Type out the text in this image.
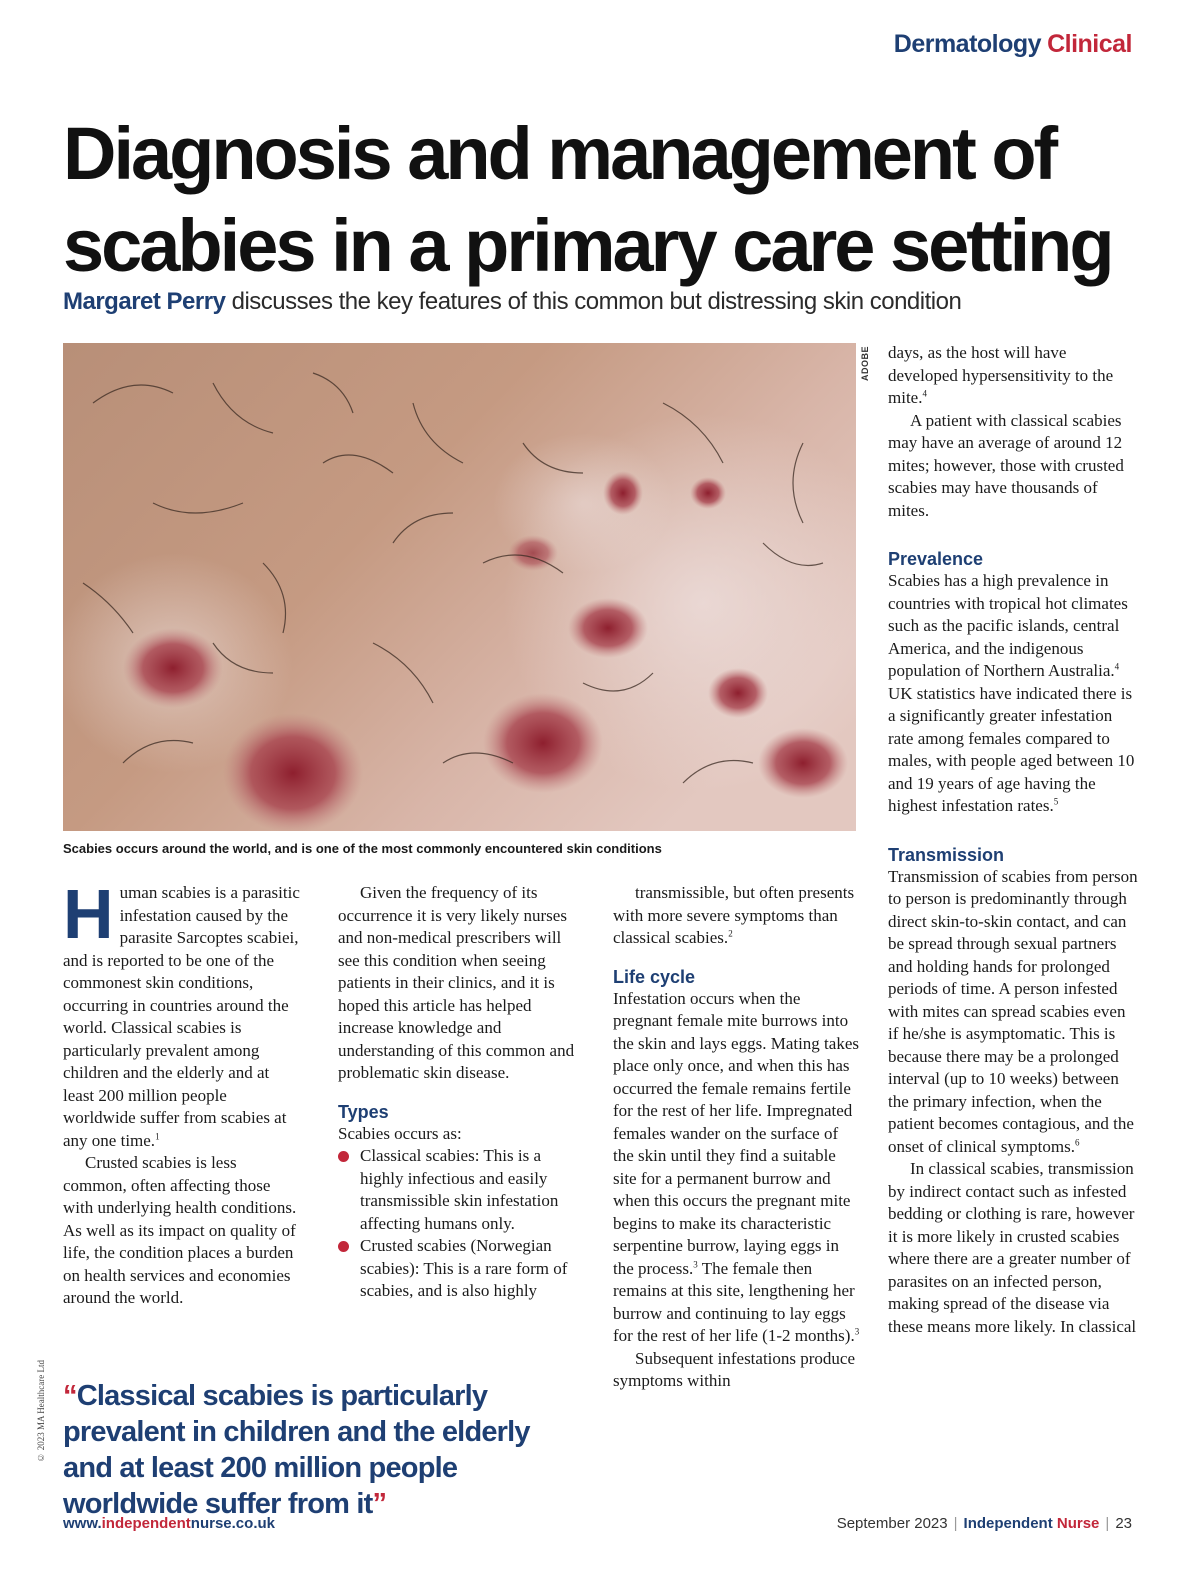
Dermatology Clinical
Diagnosis and management of
scabies in a primary care setting
Margaret Perry discusses the key features of this common but distressing skin condition
ADOBE
Scabies occurs around the world, and is one of the most commonly encountered skin conditions

Human scabies is a parasitic infestation caused by the parasite Sarcoptes scabiei, and is reported to be one of the commonest skin conditions, occurring in countries around the world. Classical scabies is particularly prevalent among children and the elderly and at least 200 million people worldwide suffer from scabies at any one time.$^1$

Crusted scabies is less common, often affecting those with underlying health conditions. As well as its impact on quality of life, the condition places a burden on health services and economies around the world.

Given the frequency of its occurrence it is very likely nurses and non-medical prescribers will see this condition when seeing patients in their clinics, and it is hoped this article has helped increase knowledge and understanding of this common and problematic skin disease.

Types

Scabies occurs as:

Classical scabies: This is a highly infectious and easily transmissible skin infestation affecting humans only.
Crusted scabies (Norwegian scabies): This is a rare form of scabies, and is also highly

transmissible, but often presents with more severe symptoms than classical scabies.$^2$

Life cycle

Infestation occurs when the pregnant female mite burrows into the skin and lays eggs. Mating takes place only once, and when this has occurred the female remains fertile for the rest of her life. Impregnated females wander on the surface of the skin until they find a suitable site for a permanent burrow and when this occurs the pregnant mite begins to make its characteristic serpentine burrow, laying eggs in the process.$^3$ The female then remains at this site, lengthening her burrow and continuing to lay eggs for the rest of her life (1-2 months).$^3$

Subsequent infestations produce symptoms within

days, as the host will have developed hypersensitivity to the mite.$^4$

A patient with classical scabies may have an average of around 12 mites; however, those with crusted scabies may have thousands of mites.

Prevalence

Scabies has a high prevalence in countries with tropical hot climates such as the pacific islands, central America, and the indigenous population of Northern Australia.$^4$ UK statistics have indicated there is a significantly greater infestation rate among females compared to males, with people aged between 10 and 19 years of age having the highest infestation rates.$^5$

Transmission

Transmission of scabies from person to person is predominantly through direct skin-to-skin contact, and can be spread through sexual partners and holding hands for prolonged periods of time. A person infested with mites can spread scabies even if he/she is asymptomatic. This is because there may be a prolonged interval (up to 10 weeks) between the primary infection, when the patient becomes contagious, and the onset of clinical symptoms.$^6$

In classical scabies, transmission by indirect contact such as infested bedding or clothing is rare, however it is more likely in crusted scabies where there are a greater number of parasites on an infected person, making spread of the disease via these means more likely. In classical

“Classical scabies is particularly prevalent in children and the elderly and at least 200 million people worldwide suffer from it”
© 2023 MA Healthcare Ltd
www.independentnurse.co.uk	September 2023 | Independent Nurse | 23
